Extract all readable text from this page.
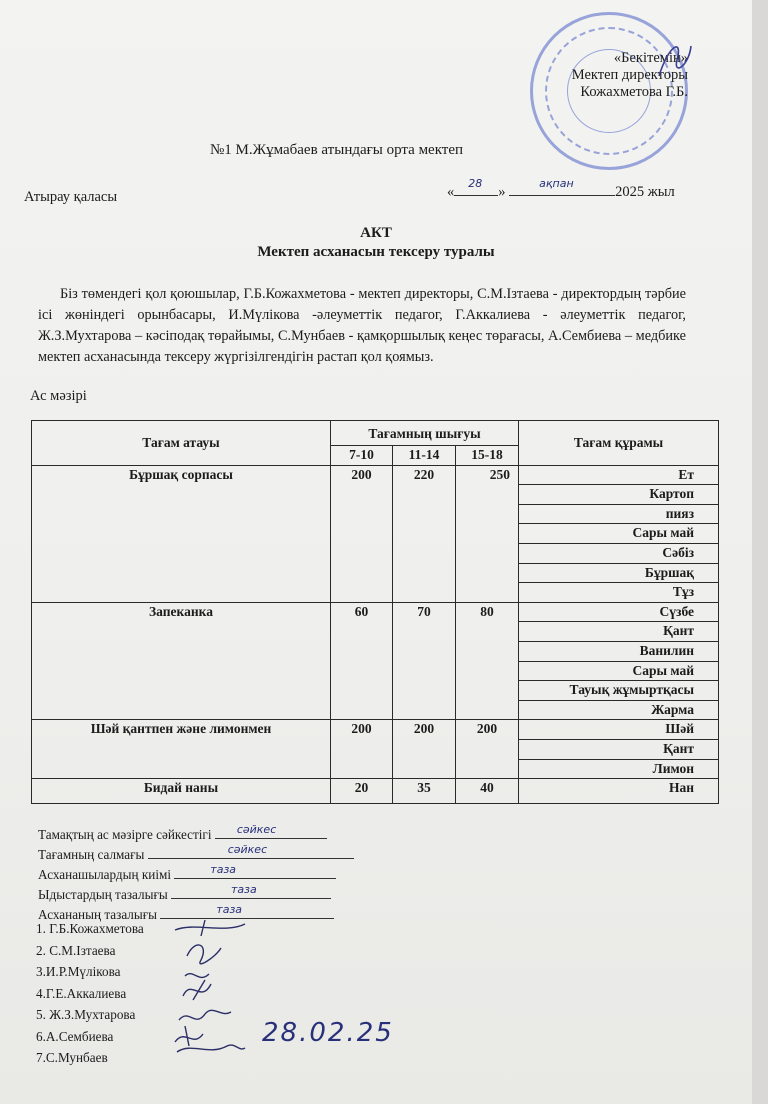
«Бекітемін»
Мектеп директоры
Кожахметова Г.Б.
№1 М.Жұмабаев атындағы орта мектеп
Атырау қаласы	«
28
»
ақпан
2025 жыл
АКТ
Мектеп асханасын тексеру туралы
Біз төмендегі қол қоюшылар, Г.Б.Кожахметова - мектеп директоры, С.М.Ізтаева - директордың тәрбие ісі жөніндегі орынбасары, И.Мүлікова -әлеуметтік педагог, Г.Аккалиева - әлеуметтік педагог, Ж.З.Мухтарова – кәсіподақ төрайымы, С.Мунбаев - қамқоршылық кеңес төрағасы, А.Сембиева – медбике мектеп асханасында тексеру жүргізілгендігін растап қол қоямыз.
Ас мәзірі
Тағам атауы	Тағамның шығуы			Тағам құрамы
	7-10	11-14	15-18	
Бұршақ сорпасы	200	220	250	Ет
				Картоп
				пияз
				Сары май
				Сәбіз
				Бұршақ
				Тұз
Запеканка	60	70	80	Сүзбе
				Қант
				Ванилин
				Сары май
				Тауық жұмыртқасы
				Жарма
Шәй қантпен және лимонмен	200	200	200	Шәй
				Қант
				Лимон
Бидай наны	20	35	40	Нан
Тамақтың ас мәзірге сәйкестігі сәйкес
Тағамның салмағы	сәйкес
Асханашылардың киімі	таза
Ыдыстардың тазалығы	таза
Асхананың тазалығы	таза
1. Г.Б.Кожахметова
2. С.М.Ізтаева
3.И.Р.Мүлікова
4.Г.Е.Аккалиева
5. Ж.З.Мухтарова
6.А.Сембиева
7.С.Мунбаев
28.02.25
